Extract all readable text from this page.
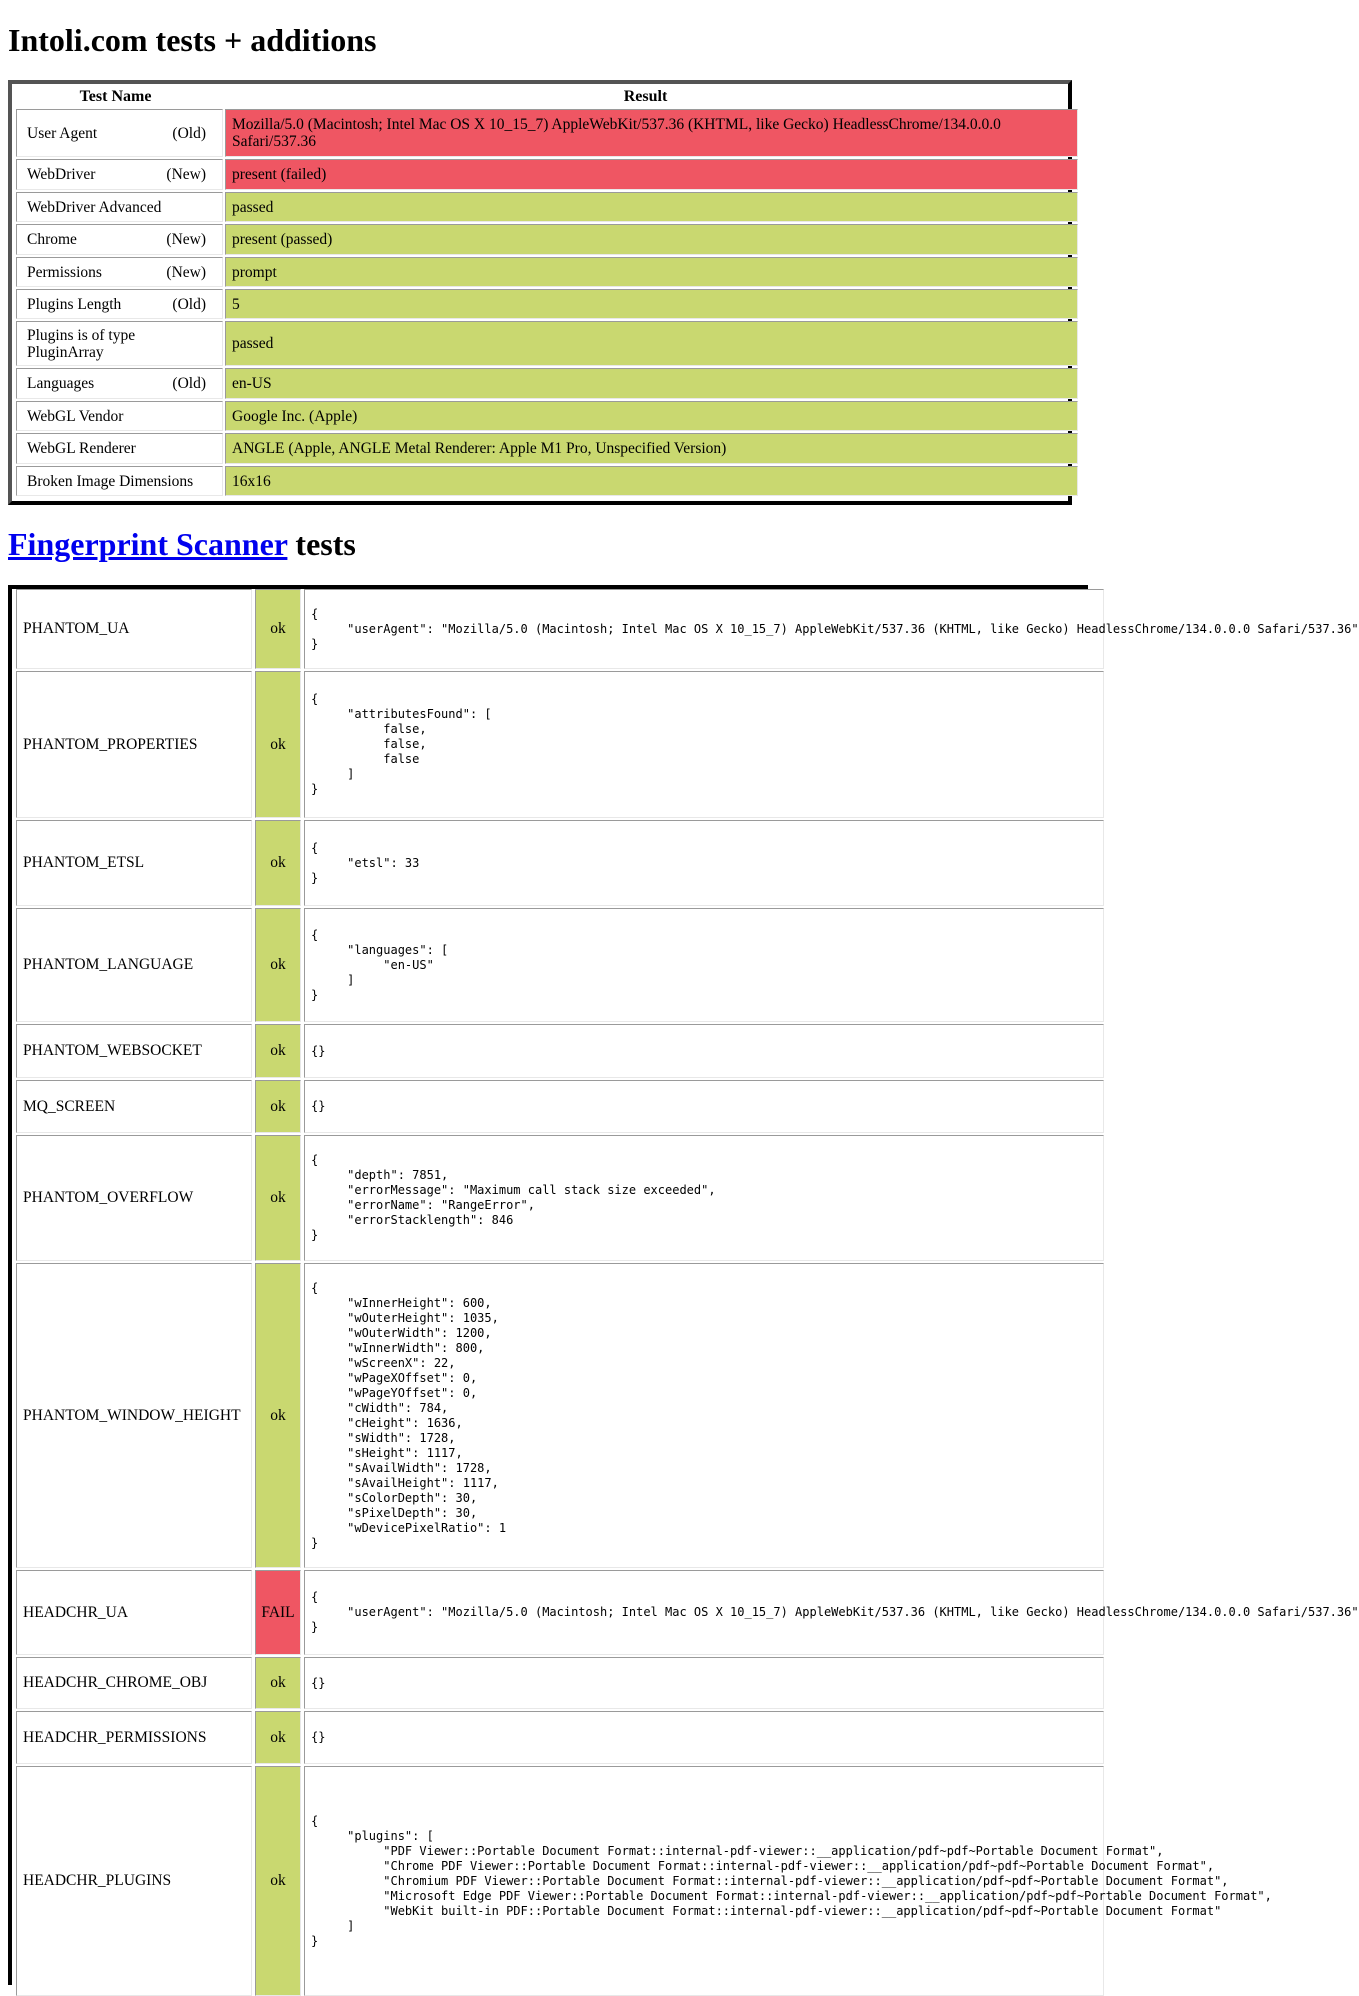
Intoli.com tests + additions
Test Name	Result
User Agent	(Old)	Mozilla/5.0 (Macintosh; Intel Mac OS X 10_15_7) AppleWebKit/537.36 (KHTML, like Gecko) HeadlessChrome/134.0.0.0 Safari/537.36
WebDriver	(New)	present (failed)
WebDriver Advanced	passed
Chrome	(New)	present (passed)
Permissions	(New)	prompt
Plugins Length	(Old)	5
Plugins is of type PluginArray	passed
Languages	(Old)	en-US
WebGL Vendor	Google Inc. (Apple)
WebGL Renderer	ANGLE (Apple, ANGLE Metal Renderer: Apple M1 Pro, Unspecified Version)
Broken Image Dimensions	16x16
Fingerprint Scanner tests
PHANTOM_UA	ok
{
"userAgent": "Mozilla/5.0 (Macintosh; Intel Mac OS X 10_15_7) AppleWebKit/537.36 (KHTML, like Gecko) HeadlessChrome/134.0.0.0 Safari/537.36"
}
PHANTOM_PROPERTIES	ok
{
"attributesFound": [
false,
false,
false
]
}
PHANTOM_ETSL	ok
{
"etsl": 33
}
PHANTOM_LANGUAGE	ok
{
"languages": [
"en-US"
]
}
PHANTOM_WEBSOCKET	ok	{}
MQ_SCREEN	ok	{}
PHANTOM_OVERFLOW	ok
{
"depth": 7851,
"errorMessage": "Maximum call stack size exceeded",
"errorName": "RangeError",
"errorStacklength": 846
}
PHANTOM_WINDOW_HEIGHT	ok
{
"wInnerHeight": 600,
"wOuterHeight": 1035,
"wOuterWidth": 1200,
"wInnerWidth": 800,
"wScreenX": 22,
"wPageXOffset": 0,
"wPageYOffset": 0,
"cWidth": 784,
"cHeight": 1636,
"sWidth": 1728,
"sHeight": 1117,
"sAvailWidth": 1728,
"sAvailHeight": 1117,
"sColorDepth": 30,
"sPixelDepth": 30,
"wDevicePixelRatio": 1
}
HEADCHR_UA	FAIL
{
"userAgent": "Mozilla/5.0 (Macintosh; Intel Mac OS X 10_15_7) AppleWebKit/537.36 (KHTML, like Gecko) HeadlessChrome/134.0.0.0 Safari/537.36"
}
HEADCHR_CHROME_OBJ	ok	{}
HEADCHR_PERMISSIONS	ok	{}
HEADCHR_PLUGINS	ok
{
"plugins": [
"PDF Viewer::Portable Document Format::internal-pdf-viewer::__application/pdf~pdf~Portable Document Format",
"Chrome PDF Viewer::Portable Document Format::internal-pdf-viewer::__application/pdf~pdf~Portable Document Format",
"Chromium PDF Viewer::Portable Document Format::internal-pdf-viewer::__application/pdf~pdf~Portable Document Format",
"Microsoft Edge PDF Viewer::Portable Document Format::internal-pdf-viewer::__application/pdf~pdf~Portable Document Format",
"WebKit built-in PDF::Portable Document Format::internal-pdf-viewer::__application/pdf~pdf~Portable Document Format"
]
}
